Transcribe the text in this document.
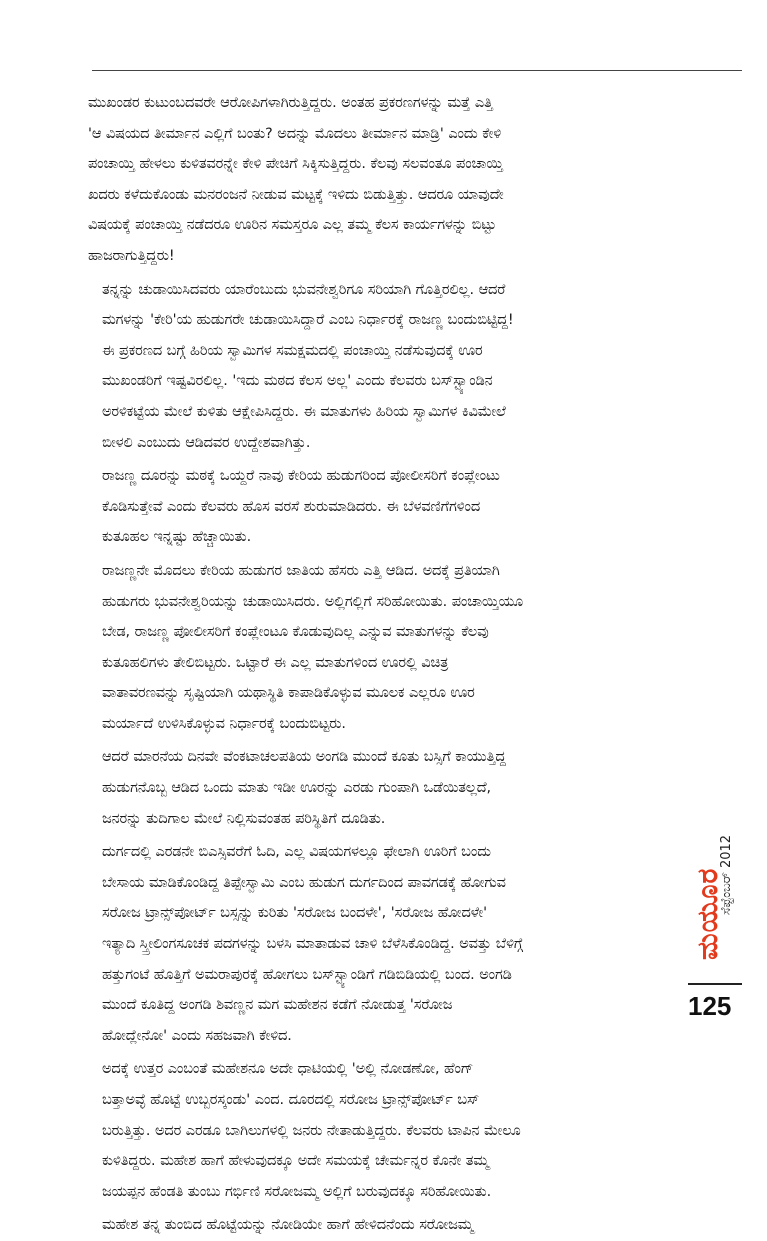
ಮುಖಂಡರ ಕುಟುಂಬದವರೇ ಆರೋಪಿಗಳಾಗಿರುತ್ತಿದ್ದರು. ಅಂತಹ ಪ್ರಕರಣಗಳನ್ನು ಮತ್ತೆ ಎತ್ತಿ
'ಆ ವಿಷಯದ ತೀರ್ಮಾನ ಎಲ್ಲಿಗೆ ಬಂತು? ಅದನ್ನು ಮೊದಲು ತೀರ್ಮಾನ ಮಾಡ್ರಿ' ಎಂದು ಕೇಳಿ
ಪಂಚಾಯ್ತಿ ಹೇಳಲು ಕುಳಿತವರನ್ನೇ ಕೇಳಿ ಪೇಚಿಗೆ ಸಿಕ್ಕಿಸುತ್ತಿದ್ದರು. ಕೆಲವು ಸಲವಂತೂ ಪಂಚಾಯ್ತಿ
ಖದರು ಕಳೆದುಕೊಂಡು ಮನರಂಜನೆ ನೀಡುವ ಮಟ್ಟಕ್ಕೆ ಇಳಿದು ಬಿಡುತ್ತಿತ್ತು. ಆದರೂ ಯಾವುದೇ
ವಿಷಯಕ್ಕೆ ಪಂಚಾಯ್ತಿ ನಡೆದರೂ ಊರಿನ ಸಮಸ್ತರೂ ಎಲ್ಲ ತಮ್ಮ ಕೆಲಸ ಕಾರ್ಯಗಳನ್ನು ಬಿಟ್ಟು
ಹಾಜರಾಗುತ್ತಿದ್ದರು!

ತನ್ನನ್ನು ಚುಡಾಯಿಸಿದವರು ಯಾರೆಂಬುದು ಭುವನೇಶ್ವರಿಗೂ ಸರಿಯಾಗಿ ಗೊತ್ತಿರಲಿಲ್ಲ. ಆದರೆ
ಮಗಳನ್ನು 'ಕೇರಿ'ಯ ಹುಡುಗರೇ ಚುಡಾಯಿಸಿದ್ದಾರೆ ಎಂಬ ನಿರ್ಧಾರಕ್ಕೆ ರಾಜಣ್ಣ ಬಂದುಬಿಟ್ಟಿದ್ದ!
ಈ ಪ್ರಕರಣದ ಬಗ್ಗೆ ಹಿರಿಯ ಸ್ವಾಮಿಗಳ ಸಮಕ್ಷಮದಲ್ಲಿ ಪಂಚಾಯ್ತಿ ನಡೆಸುವುದಕ್ಕೆ ಊರ
ಮುಖಂಡರಿಗೆ ಇಷ್ಟವಿರಲಿಲ್ಲ. 'ಇದು ಮಠದ ಕೆಲಸ ಅಲ್ಲ' ಎಂದು ಕೆಲವರು ಬಸ್‌ಸ್ಟ್ಯಾಂಡಿನ
ಅರಳಿಕಟ್ಟೆಯ ಮೇಲೆ ಕುಳಿತು ಆಕ್ಷೇಪಿಸಿದ್ದರು. ಈ ಮಾತುಗಳು ಹಿರಿಯ ಸ್ವಾಮಿಗಳ ಕಿವಿಮೇಲೆ
ಬೀಳಲಿ ಎಂಬುದು ಆಡಿದವರ ಉದ್ದೇಶವಾಗಿತ್ತು.

ರಾಜಣ್ಣ ದೂರನ್ನು ಮಠಕ್ಕೆ ಒಯ್ದರೆ ನಾವು ಕೇರಿಯ ಹುಡುಗರಿಂದ ಪೋಲೀಸರಿಗೆ ಕಂಪ್ಲೇಂಟು
ಕೊಡಿಸುತ್ತೇವೆ ಎಂದು ಕೆಲವರು ಹೊಸ ವರಸೆ ಶುರುಮಾಡಿದರು. ಈ ಬೆಳವಣಿಗೆಗಳಿಂದ
ಕುತೂಹಲ ಇನ್ನಷ್ಟು ಹೆಚ್ಚಾಯಿತು.

ರಾಜಣ್ಣನೇ ಮೊದಲು ಕೇರಿಯ ಹುಡುಗರ ಜಾತಿಯ ಹೆಸರು ಎತ್ತಿ ಆಡಿದ. ಅದಕ್ಕೆ ಪ್ರತಿಯಾಗಿ
ಹುಡುಗರು ಭುವನೇಶ್ವರಿಯನ್ನು ಚುಡಾಯಿಸಿದರು. ಅಲ್ಲಿಗಲ್ಲಿಗೆ ಸರಿಹೋಯಿತು. ಪಂಚಾಯ್ತಿಯೂ
ಬೇಡ, ರಾಜಣ್ಣ ಪೋಲೀಸರಿಗೆ ಕಂಪ್ಲೇಂಟೂ ಕೊಡುವುದಿಲ್ಲ ಎನ್ನುವ ಮಾತುಗಳನ್ನು ಕೆಲವು
ಕುತೂಹಲಿಗಳು ತೇಲಿಬಿಟ್ಟರು. ಒಟ್ಟಾರೆ ಈ ಎಲ್ಲ ಮಾತುಗಳಿಂದ ಊರಲ್ಲಿ ವಿಚಿತ್ರ
ವಾತಾವರಣವನ್ನು ಸೃಷ್ಟಿಯಾಗಿ ಯಥಾಸ್ಥಿತಿ ಕಾಪಾಡಿಕೊಳ್ಳುವ ಮೂಲಕ ಎಲ್ಲರೂ ಊರ
ಮರ್ಯಾದೆ ಉಳಿಸಿಕೊಳ್ಳುವ ನಿರ್ಧಾರಕ್ಕೆ ಬಂದುಬಿಟ್ಟರು.

ಆದರೆ ಮಾರನೆಯ ದಿನವೇ ವೆಂಕಟಾಚಲಪತಿಯ ಅಂಗಡಿ ಮುಂದೆ ಕೂತು ಬಸ್ಸಿಗೆ ಕಾಯುತ್ತಿದ್ದ
ಹುಡುಗನೊಬ್ಬ ಆಡಿದ ಒಂದು ಮಾತು ಇಡೀ ಊರನ್ನು ಎರಡು ಗುಂಪಾಗಿ ಒಡೆಯಿತಲ್ಲದೆ,
ಜನರನ್ನು ತುದಿಗಾಲ ಮೇಲೆ ನಿಲ್ಲಿಸುವಂತಹ ಪರಿಸ್ಥಿತಿಗೆ ದೂಡಿತು.

ದುರ್ಗದಲ್ಲಿ ಎರಡನೇ ಬಿಎಸ್ಸಿವರೆಗೆ ಓದಿ, ಎಲ್ಲ ವಿಷಯಗಳಲ್ಲೂ ಫೇಲಾಗಿ ಊರಿಗೆ ಬಂದು
ಬೇಸಾಯ ಮಾಡಿಕೊಂಡಿದ್ದ ತಿಪ್ಪೇಸ್ವಾಮಿ ಎಂಬ ಹುಡುಗ ದುರ್ಗದಿಂದ ಪಾವಗಡಕ್ಕೆ ಹೋಗುವ
ಸರೋಜ ಟ್ರಾನ್ಸ್‌ಪೋರ್ಟ್ ಬಸ್ಸನ್ನು ಕುರಿತು 'ಸರೋಜ ಬಂದಳೇ', 'ಸರೋಜ ಹೋದಳೇ'
ಇತ್ಯಾದಿ ಸ್ತ್ರೀಲಿಂಗಸೂಚಕ ಪದಗಳನ್ನು ಬಳಸಿ ಮಾತಾಡುವ ಚಾಳಿ ಬೆಳೆಸಿಕೊಂಡಿದ್ದ. ಅವತ್ತು ಬೆಳಿಗ್ಗೆ
ಹತ್ತುಗಂಟೆ ಹೊತ್ತಿಗೆ ಅಮರಾಪುರಕ್ಕೆ ಹೋಗಲು ಬಸ್‌ಸ್ಟ್ಯಾಂಡಿಗೆ ಗಡಿಬಿಡಿಯಲ್ಲಿ ಬಂದ. ಅಂಗಡಿ
ಮುಂದೆ ಕೂತಿದ್ದ ಅಂಗಡಿ ಶಿವಣ್ಣನ ಮಗ ಮಹೇಶನ ಕಡೆಗೆ ನೋಡುತ್ತ 'ಸರೋಜ
ಹೋದ್ಲೇನೋ' ಎಂದು ಸಹಜವಾಗಿ ಕೇಳಿದ.

ಅದಕ್ಕೆ ಉತ್ತರ ಎಂಬಂತೆ ಮಹೇಶನೂ ಅದೇ ಧಾಟಿಯಲ್ಲಿ 'ಅಲ್ಲಿ ನೋಡಣೋ, ಹೆಂಗ್
ಬತ್ತಾಅವ್ಳೆ ಹೊಟ್ಟೆ ಉಬ್ಬರಸ್ಕಂಡು' ಎಂದ. ದೂರದಲ್ಲಿ ಸರೋಜ ಟ್ರಾನ್ಸ್‌ಪೋರ್ಟ್ ಬಸ್
ಬರುತ್ತಿತ್ತು. ಅದರ ಎರಡೂ ಬಾಗಿಲುಗಳಲ್ಲಿ ಜನರು ನೇತಾಡುತ್ತಿದ್ದರು. ಕೆಲವರು ಟಾಪಿನ ಮೇಲೂ
ಕುಳಿತಿದ್ದರು. ಮಹೇಶ ಹಾಗೆ ಹೇಳುವುದಕ್ಕೂ ಅದೇ ಸಮಯಕ್ಕೆ ಚೇರ್ಮನ್ನರ ಕೊನೇ ತಮ್ಮ
ಜಯಪ್ಪನ ಹೆಂಡತಿ ತುಂಬು ಗರ್ಭಿಣಿ ಸರೋಜಮ್ಮ ಅಲ್ಲಿಗೆ ಬರುವುದಕ್ಕೂ ಸರಿಹೋಯಿತು.

ಮಹೇಶ ತನ್ನ ತುಂಬಿದ ಹೊಟ್ಟೆಯನ್ನು ನೋಡಿಯೇ ಹಾಗೆ ಹೇಳಿದನೆಂದು ಸರೋಜಮ್ಮ

ಮಯೂರ
ಸೆಪ್ಟೆಂಬರ್ 2012
125
